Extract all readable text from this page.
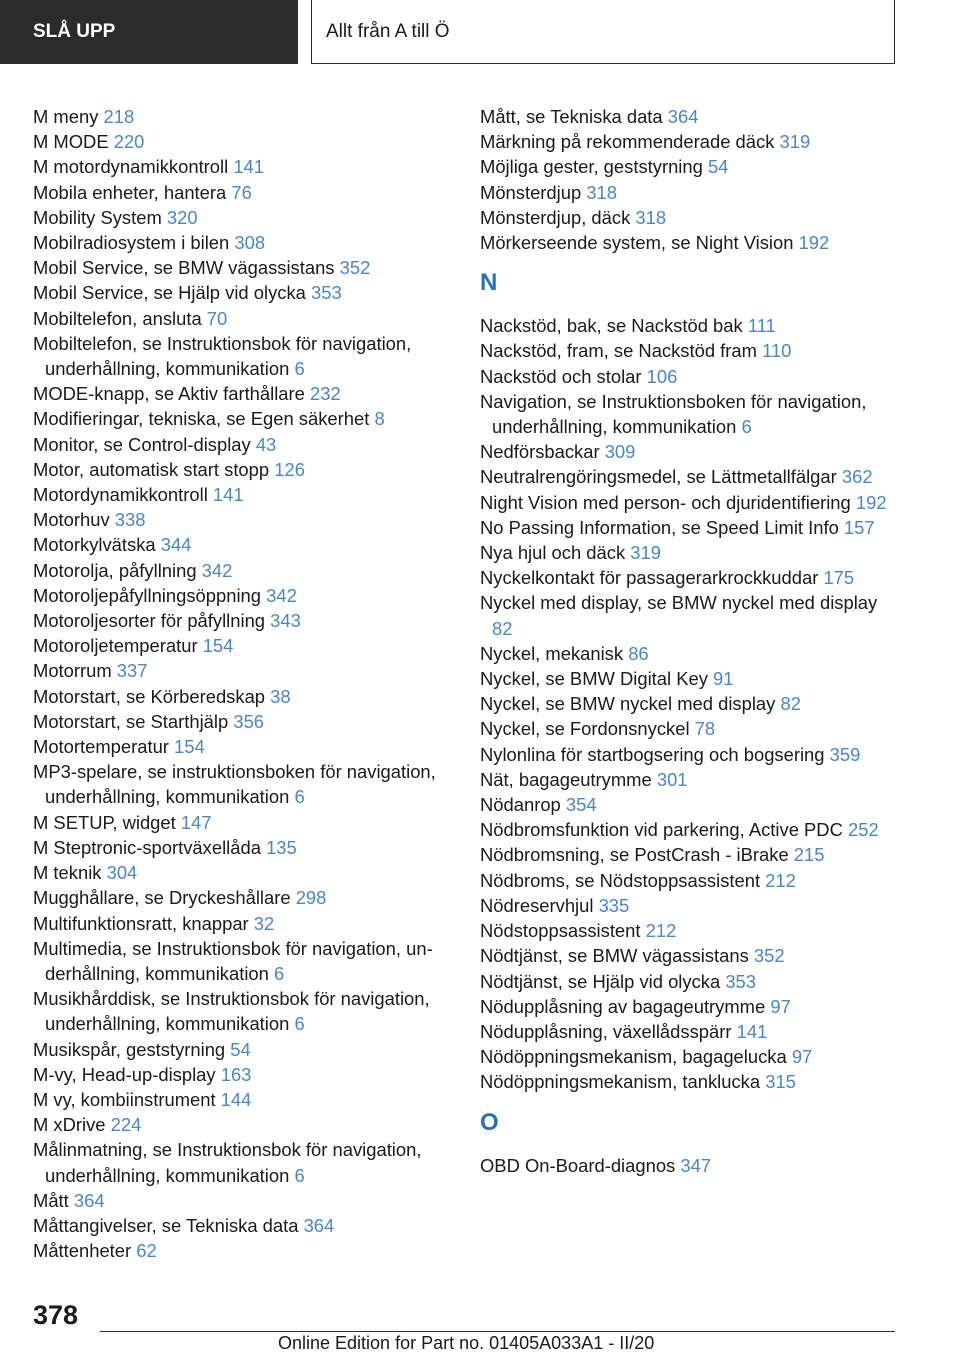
SLÅ UPP	Allt från A till Ö
M meny 218
M MODE 220
M motordynamikkontroll 141
Mobila enheter, hantera 76
Mobility System 320
Mobilradiosystem i bilen 308
Mobil Service, se BMW vägassistans 352
Mobil Service, se Hjälp vid olycka 353
Mobiltelefon, ansluta 70
Mobiltelefon, se Instruktionsbok för navigation, underhållning, kommunikation 6
MODE-knapp, se Aktiv farthållare 232
Modifieringar, tekniska, se Egen säkerhet 8
Monitor, se Control-display 43
Motor, automatisk start stopp 126
Motordynamikkontroll 141
Motorhuv 338
Motorkylvätska 344
Motorolja, påfyllning 342
Motoroljepåfyllningsöppning 342
Motoroljesorter för påfyllning 343
Motoroljetemperatur 154
Motorrum 337
Motorstart, se Körberedskap 38
Motorstart, se Starthjälp 356
Motortemperatur 154
MP3-spelare, se instruktionsboken för navigation, underhållning, kommunikation 6
M SETUP, widget 147
M Steptronic-sportväxellåda 135
M teknik 304
Mugghållare, se Dryckeshållare 298
Multifunktionsratt, knappar 32
Multimedia, se Instruktionsbok för navigation, underhållning, kommunikation 6
Musikhårddisk, se Instruktionsbok för navigation, underhållning, kommunikation 6
Musikspår, geststyrning 54
M-vy, Head-up-display 163
M vy, kombiinstrument 144
M xDrive 224
Målinmatning, se Instruktionsbok för navigation, underhållning, kommunikation 6
Mått 364
Måttangivelser, se Tekniska data 364
Måttenheter 62
Mått, se Tekniska data 364
Märkning på rekommenderade däck 319
Möjliga gester, geststyrning 54
Mönsterdjup 318
Mönsterdjup, däck 318
Mörkerseende system, se Night Vision 192
N
Nackstöd, bak, se Nackstöd bak 111
Nackstöd, fram, se Nackstöd fram 110
Nackstöd och stolar 106
Navigation, se Instruktionsboken för navigation, underhållning, kommunikation 6
Nedförsbackar 309
Neutralrengöringsmedel, se Lättmetallfälgar 362
Night Vision med person- och djuridentifiering 192
No Passing Information, se Speed Limit Info 157
Nya hjul och däck 319
Nyckelkontakt för passagerarkrockkuddar 175
Nyckel med display, se BMW nyckel med display 82
Nyckel, mekanisk 86
Nyckel, se BMW Digital Key 91
Nyckel, se BMW nyckel med display 82
Nyckel, se Fordonsnyckel 78
Nylonlina för startbogsering och bogsering 359
Nät, bagageutrymme 301
Nödanrop 354
Nödbromsfunktion vid parkering, Active PDC 252
Nödbromsning, se PostCrash - iBrake 215
Nödbroms, se Nödstoppsassistent 212
Nödreservhjul 335
Nödstoppsassistent 212
Nödtjänst, se BMW vägassistans 352
Nödtjänst, se Hjälp vid olycka 353
Nödupplåsning av bagageutrymme 97
Nödupplåsning, växellådsspärr 141
Nödöppningsmekanism, bagagelucka 97
Nödöppningsmekanism, tanklucka 315
O
OBD On-Board-diagnos 347
378
Online Edition for Part no. 01405A033A1 - II/20
